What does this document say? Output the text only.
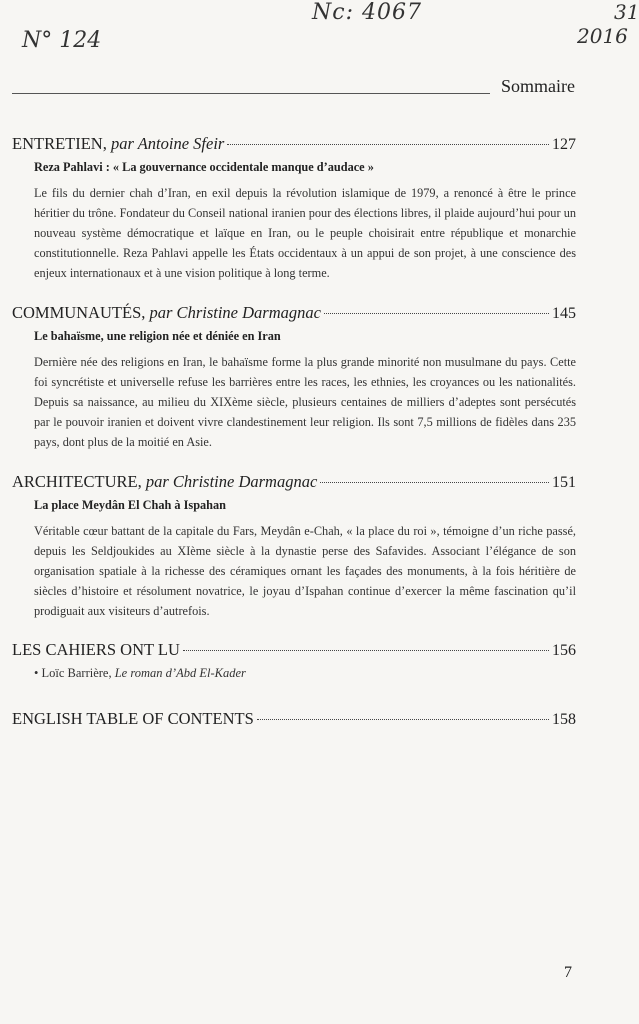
Nc: 4067
N° 124
31
2016
Sommaire
ENTRETIEN,
par Antoine Sfeir	127
Reza Pahlavi : « La gouvernance occidentale manque d’audace »
Le fils du dernier chah d’Iran, en exil depuis la révolution islamique de 1979, a renoncé à être le prince héritier du trône. Fondateur du Conseil national iranien pour des élections libres, il plaide aujourd’hui pour un nouveau système démocratique et laïque en Iran, ou le peuple choisirait entre république et monarchie constitutionnelle. Reza Pahlavi appelle les États occidentaux à un appui de son projet, à une conscience des enjeux internationaux et à une vision politique à long terme.
COMMUNAUTÉS,
par Christine Darmagnac	145
Le bahaïsme, une religion née et déniée en Iran
Dernière née des religions en Iran, le bahaïsme forme la plus grande minorité non musulmane du pays. Cette foi syncrétiste et universelle refuse les barrières entre les races, les ethnies, les croyances ou les nationalités. Depuis sa naissance, au milieu du XIXème siècle, plusieurs centaines de milliers d’adeptes sont persécutés par le pouvoir iranien et doivent vivre clandestinement leur religion. Ils sont 7,5 millions de fidèles dans 235 pays, dont plus de la moitié en Asie.
ARCHITECTURE,
par Christine Darmagnac	151
La place Meydân El Chah à Ispahan
Véritable cœur battant de la capitale du Fars, Meydân e-Chah, « la place du roi », témoigne d’un riche passé, depuis les Seldjoukides au XIème siècle à la dynastie perse des Safavides. Associant l’élégance de son organisation spatiale à la richesse des céramiques ornant les façades des monuments, à la fois héritière de siècles d’histoire et résolument novatrice, le joyau d’Ispahan continue d’exercer la même fascination qu’il prodiguait aux visiteurs d’autrefois.
LES CAHIERS ONT LU	156
• Loïc Barrière, Le roman d’Abd El-Kader
ENGLISH TABLE OF CONTENTS	158
7
